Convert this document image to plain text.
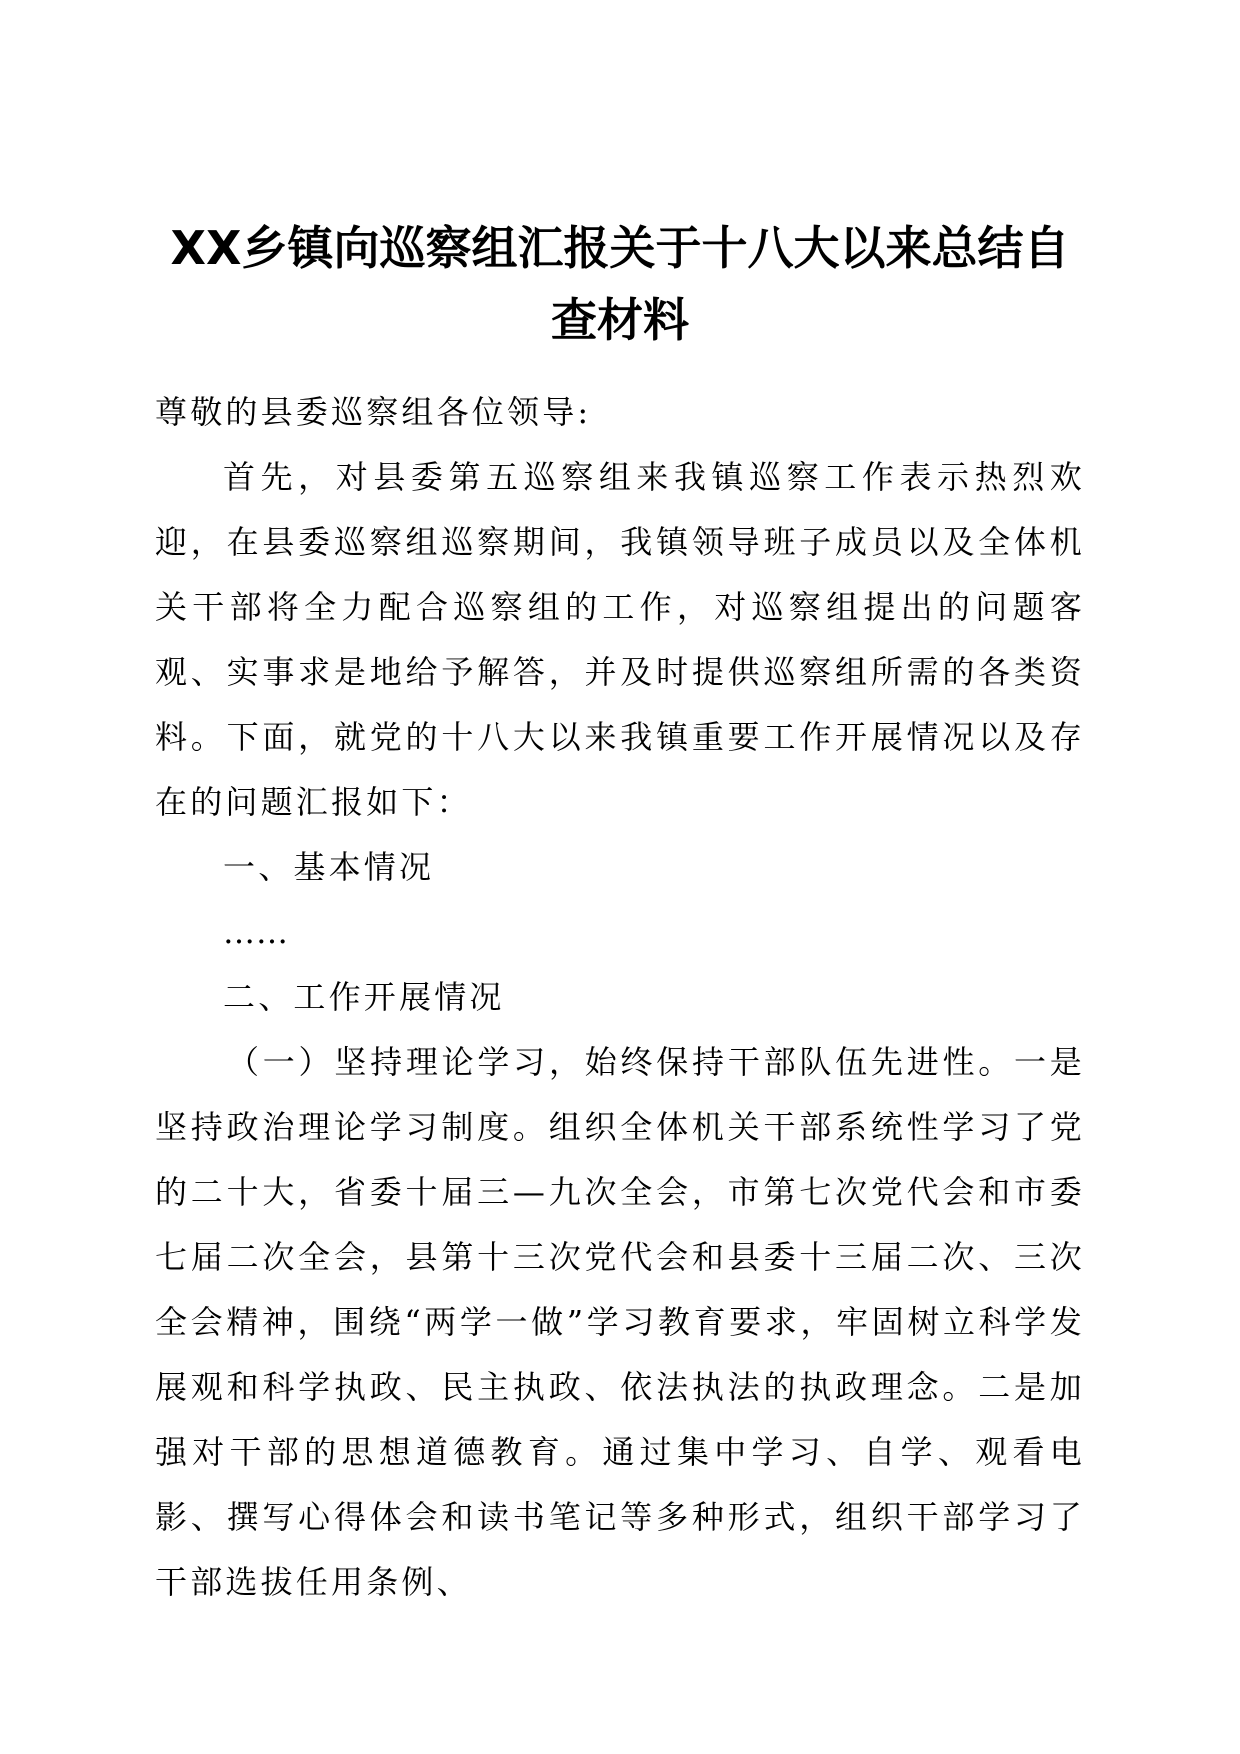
XX乡镇向巡察组汇报关于十八大以来总结自查材料

尊敬的县委巡察组各位领导:

首先，对县委第五巡察组来我镇巡察工作表示热烈欢迎，在县委巡察组巡察期间，我镇领导班子成员以及全体机关干部将全力配合巡察组的工作，对巡察组提出的问题客观、实事求是地给予解答，并及时提供巡察组所需的各类资料。下面，就党的十八大以来我镇重要工作开展情况以及存在的问题汇报如下：

一、基本情况

……

二、工作开展情况

（一）坚持理论学习，始终保持干部队伍先进性。一是坚持政治理论学习制度。组织全体机关干部系统性学习了党的二十大，省委十届三—九次全会，市第七次党代会和市委七届二次全会，县第十三次党代会和县委十三届二次、三次全会精神，围绕“两学一做”学习教育要求，牢固树立科学发展观和科学执政、民主执政、依法执法的执政理念。二是加强对干部的思想道德教育。通过集中学习、自学、观看电影、撰写心得体会和读书笔记等多种形式，组织干部学习了干部选拔任用条例、
